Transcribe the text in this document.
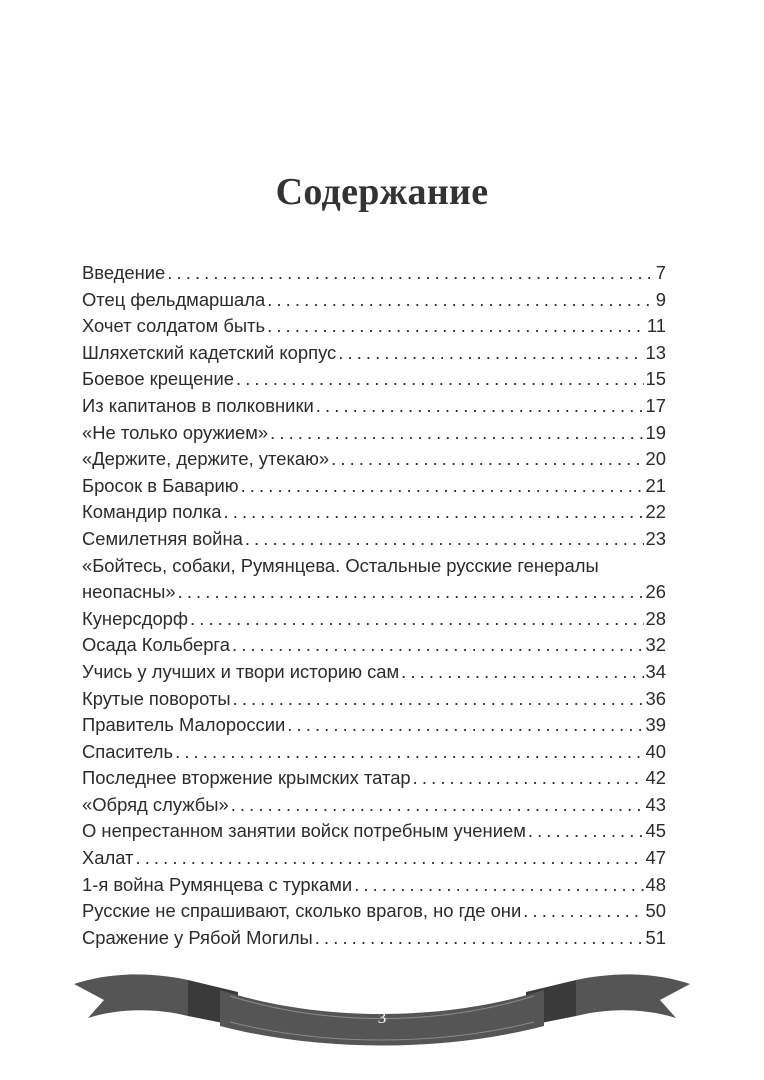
Содержание
Введение . . .	7
Отец фельдмаршала . . .	9
Хочет солдатом быть . . .	11
Шляхетский кадетский корпус . . .	13
Боевое крещение . . .	15
Из капитанов в полковники . . .	17
«Не только оружием» . . .	19
«Держите, держите, утекаю» . . .	20
Бросок в Баварию . . .	21
Командир полка . . .	22
Семилетняя война . . .	23
«Бойтесь, собаки, Румянцева. Остальные русские генералы
неопасны» . . .	26
Кунерсдорф . . .	28
Осада Кольберга . . .	32
Учись у лучших и твори историю сам . . .	34
Крутые повороты . . .	36
Правитель Малороссии . . .	39
Спаситель . . .	40
Последнее вторжение крымских татар . . .	42
«Обряд службы» . . .	43
О непрестанном занятии войск потребным учением . . .	45
Халат . . .	47
1-я война Румянцева с турками . . .	48
Русские не спрашивают, сколько врагов, но где они . . .	50
Сражение у Рябой Могилы . . .	51
3
